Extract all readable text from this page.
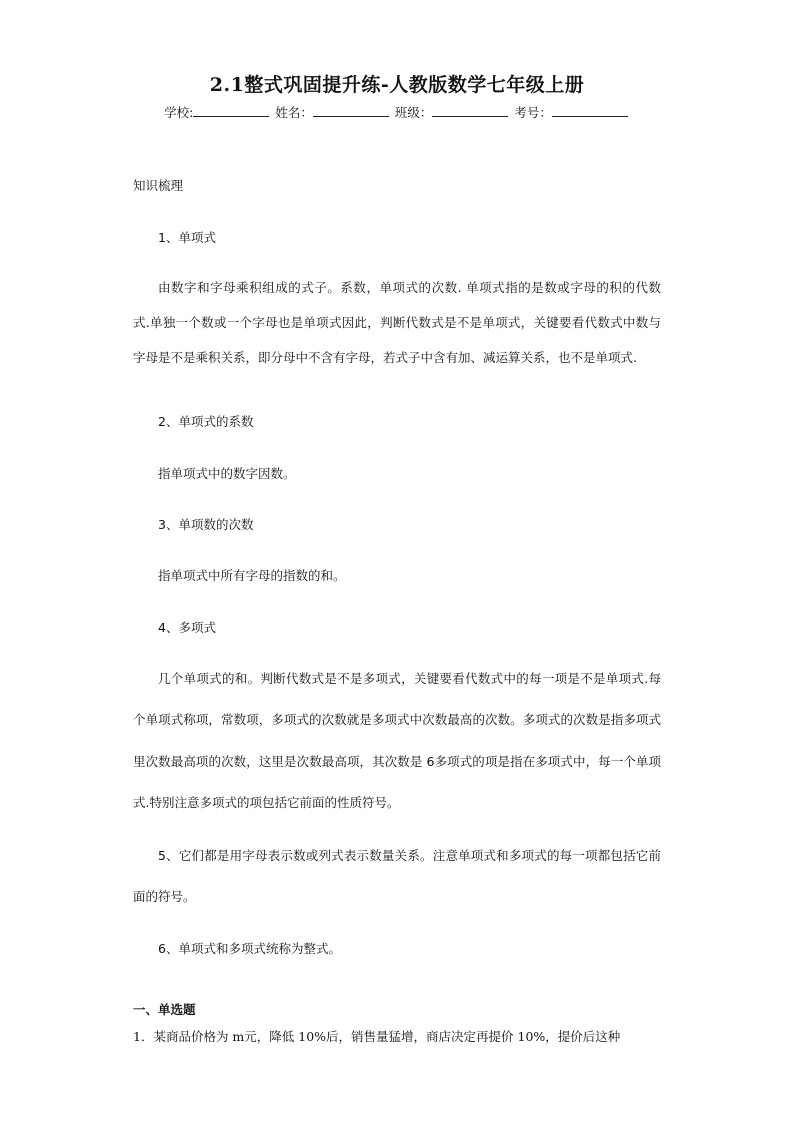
2.1整式巩固提升练-人教版数学七年级上册
学校:	姓名：	班级：	考号：
知识梳理
1、单项式
由数字和字母乘积组成的式子。系数，单项式的次数. 单项式指的是数或字母的积的代数
式.单独一个数或一个字母也是单项式因此，判断代数式是不是单项式，关键要看代数式中数与
字母是不是乘积关系，即分母中不含有字母，若式子中含有加、减运算关系，也不是单项式.
2、单项式的系数
指单项式中的数字因数。
3、单项数的次数
指单项式中所有字母的指数的和。
4、多项式
几个单项式的和。判断代数式是不是多项式，关键要看代数式中的每一项是不是单项式.每
个单项式称项，常数项，多项式的次数就是多项式中次数最高的次数。多项式的次数是指多项式
里次数最高项的次数，这里是次数最高项，其次数是 6多项式的项是指在多项式中，每一个单项
式.特别注意多项式的项包括它前面的性质符号。
5、它们都是用字母表示数或列式表示数量关系。注意单项式和多项式的每一项都包括它前
面的符号。
6、单项式和多项式统称为整式。
一、单选题
1．某商品价格为 m元，降低 10%后，销售量猛增，商店决定再提价 10%，提价后这种
